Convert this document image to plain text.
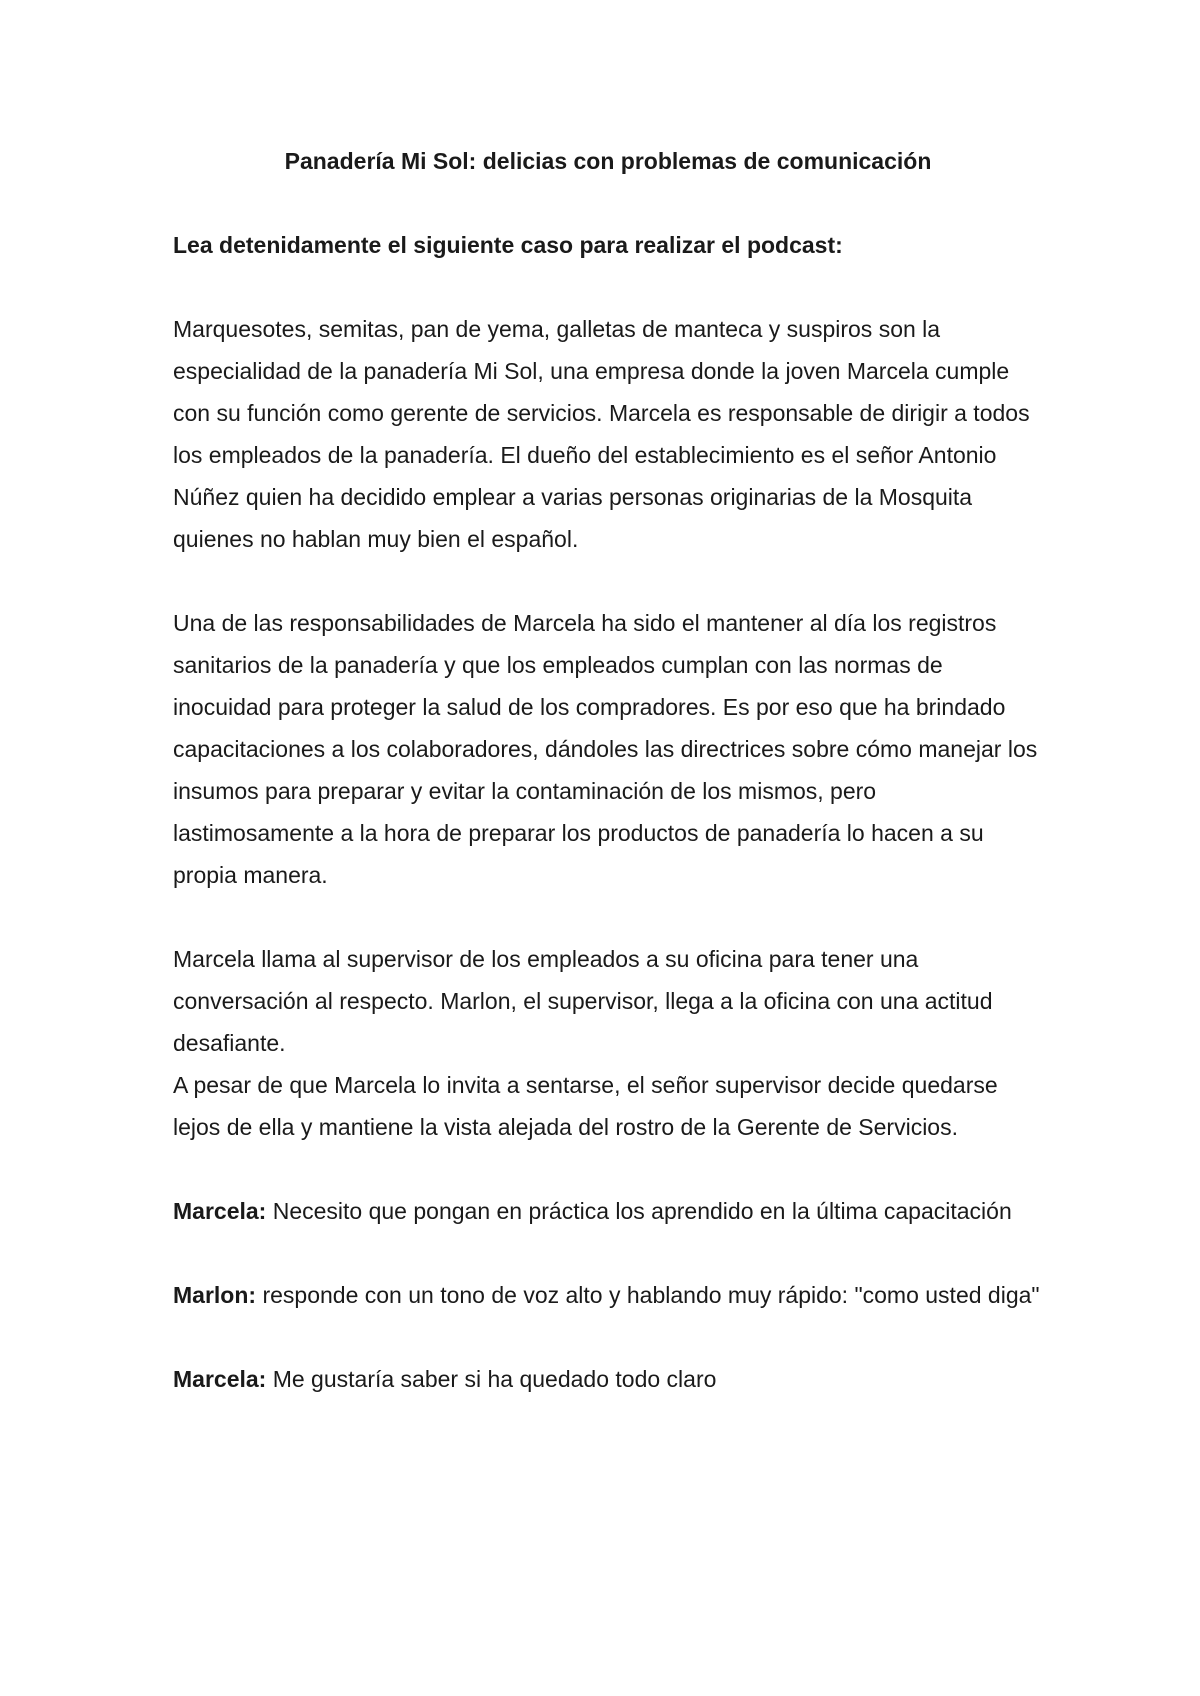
Panadería Mi Sol: delicias con problemas de comunicación

Lea detenidamente el siguiente caso para realizar el podcast:

Marquesotes, semitas, pan de yema, galletas de manteca y suspiros son la especialidad de la panadería Mi Sol, una empresa donde la joven Marcela cumple con su función como gerente de servicios. Marcela es responsable de dirigir a todos los empleados de la panadería. El dueño del establecimiento es el señor Antonio Núñez quien ha decidido emplear a varias personas originarias de la Mosquita quienes no hablan muy bien el español.

Una de las responsabilidades de Marcela ha sido el mantener al día los registros sanitarios de la panadería y que los empleados cumplan con las normas de inocuidad para proteger la salud de los compradores. Es por eso que ha brindado capacitaciones a los colaboradores, dándoles las directrices sobre cómo manejar los insumos para preparar y evitar la contaminación de los mismos, pero lastimosamente a la hora de preparar los productos de panadería lo hacen a su propia manera.

Marcela llama al supervisor de los empleados a su oficina para tener una conversación al respecto. Marlon, el supervisor, llega a la oficina con una actitud desafiante.

A pesar de que Marcela lo invita a sentarse, el señor supervisor decide quedarse lejos de ella y mantiene la vista alejada del rostro de la Gerente de Servicios.

Marcela: Necesito que pongan en práctica los aprendido en la última capacitación

Marlon: responde con un tono de voz alto y hablando muy rápido: "como usted diga"

Marcela: Me gustaría saber si ha quedado todo claro
